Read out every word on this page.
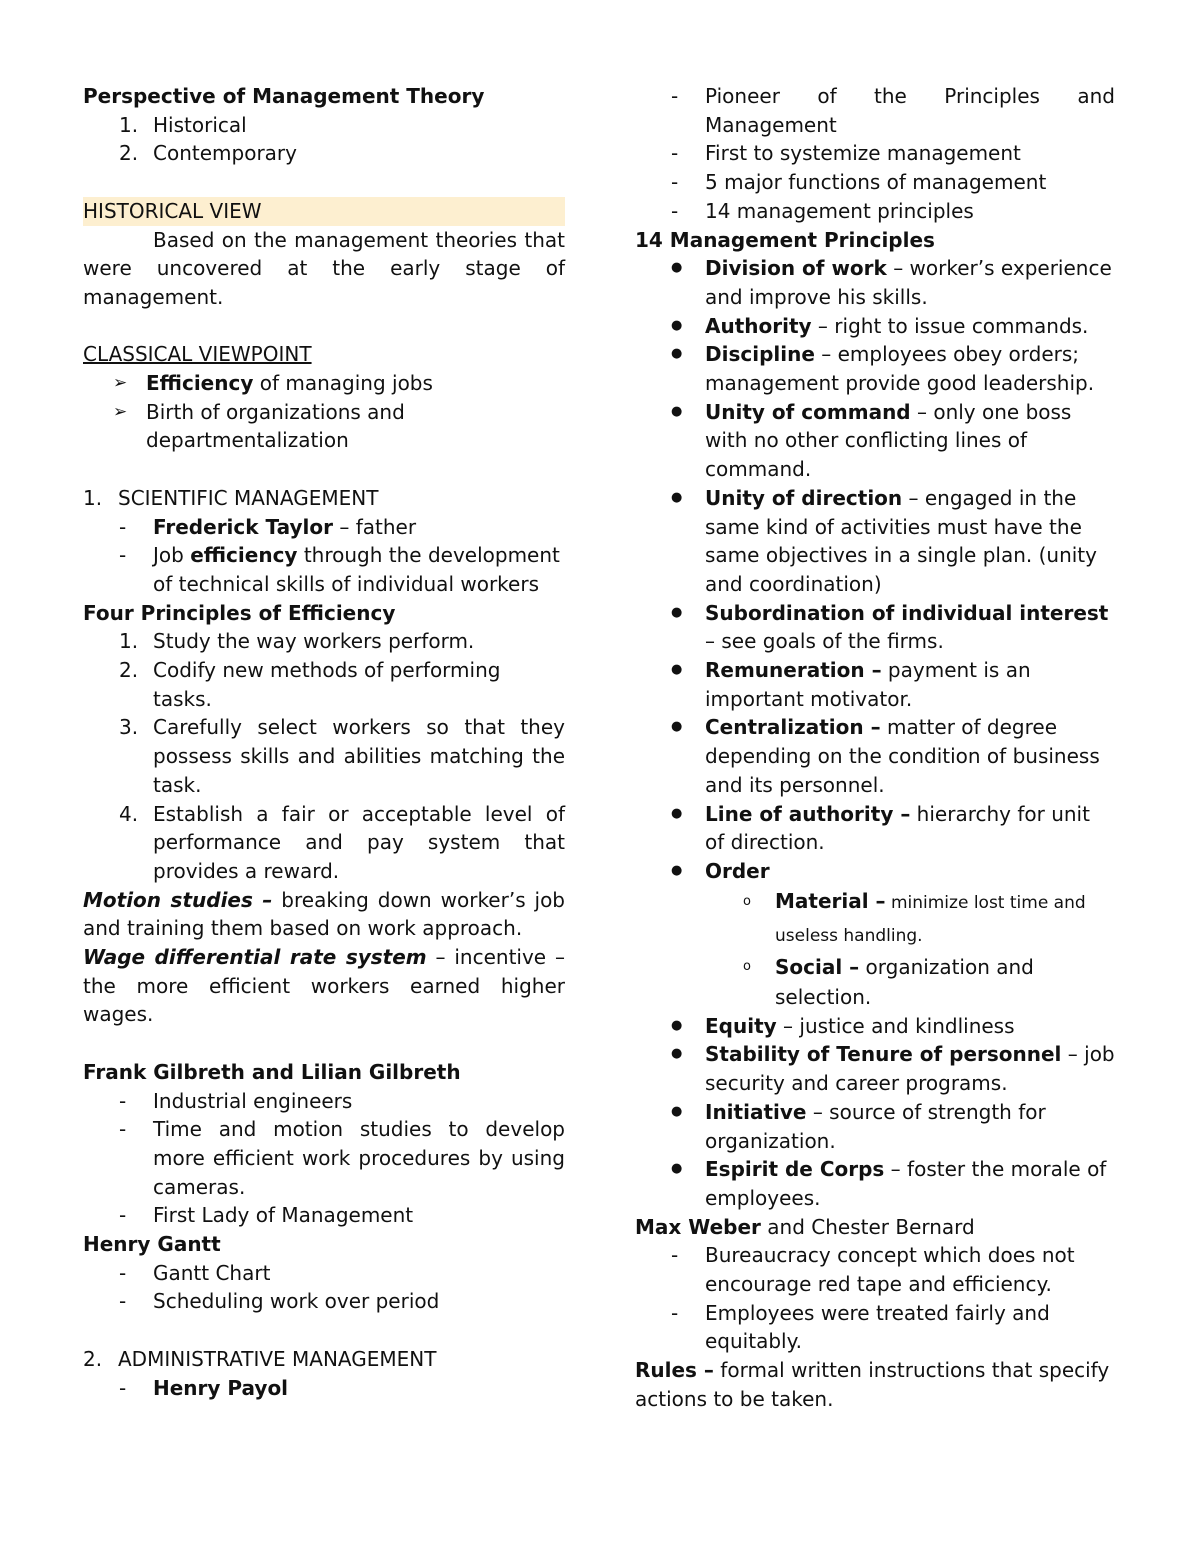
Perspective of Management Theory
1. Historical
2. Contemporary
HISTORICAL VIEW
Based on the management theories that were uncovered at the early stage of management.
CLASSICAL VIEWPOINT
➢ Efficiency of managing jobs
➢ Birth of organizations and departmentalization
1. SCIENTIFIC MANAGEMENT
- Frederick Taylor – father
- Job efficiency through the development of technical skills of individual workers
Four Principles of Efficiency
1. Study the way workers perform.
2. Codify new methods of performing tasks.
3. Carefully select workers so that they possess skills and abilities matching the task.
4. Establish a fair or acceptable level of performance and pay system that provides a reward.
Motion studies – breaking down worker’s job and training them based on work approach.
Wage differential rate system – incentive – the more efficient workers earned higher wages.
Frank Gilbreth and Lilian Gilbreth
- Industrial engineers
- Time and motion studies to develop more efficient work procedures by using cameras.
- First Lady of Management
Henry Gantt
- Gantt Chart
- Scheduling work over period
2. ADMINISTRATIVE MANAGEMENT
- Henry Payol
- Pioneer of the Principles and Management
- First to systemize management
- 5 major functions of management
- 14 management principles
14 Management Principles
● Division of work – worker’s experience and improve his skills.
● Authority – right to issue commands.
● Discipline – employees obey orders; management provide good leadership.
● Unity of command – only one boss with no other conflicting lines of command.
● Unity of direction – engaged in the same kind of activities must have the same objectives in a single plan. (unity and coordination)
● Subordination of individual interest – see goals of the firms.
● Remuneration – payment is an important motivator.
● Centralization – matter of degree depending on the condition of business and its personnel.
● Line of authority – hierarchy for unit of direction.
● Order
o Material – minimize lost time and useless handling.
o Social – organization and selection.
● Equity – justice and kindliness
● Stability of Tenure of personnel – job security and career programs.
● Initiative – source of strength for organization.
● Espirit de Corps – foster the morale of employees.
Max Weber and Chester Bernard
- Bureaucracy concept which does not encourage red tape and efficiency.
- Employees were treated fairly and equitably.
Rules – formal written instructions that specify actions to be taken.
